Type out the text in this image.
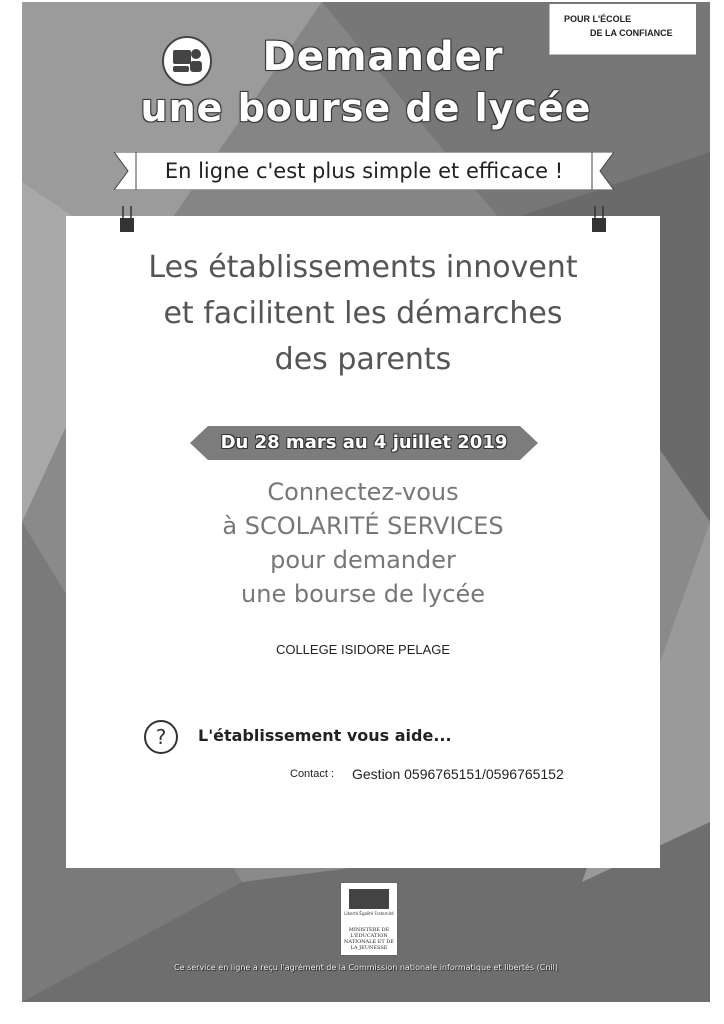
POUR L'ÉCOLE
DE LA CONFIANCE
Demander
une bourse de lycée
En ligne c'est plus simple et efficace !
Les établissements innovent
et facilitent les démarches
des parents
Du 28 mars au 4 juillet 2019
Connectez-vous
à SCOLARITÉ SERVICES
pour demander
une bourse de lycée
COLLEGE ISIDORE PELAGE
?	L'établissement vous aide...
Contact : Gestion 0596765151/0596765152
Liberté Égalité Fraternité
MINISTÈRE DE L'ÉDUCATION NATIONALE ET DE LA JEUNESSE
Ce service en ligne a reçu l'agrément de la Commission nationale informatique et libertés (Cnil)
